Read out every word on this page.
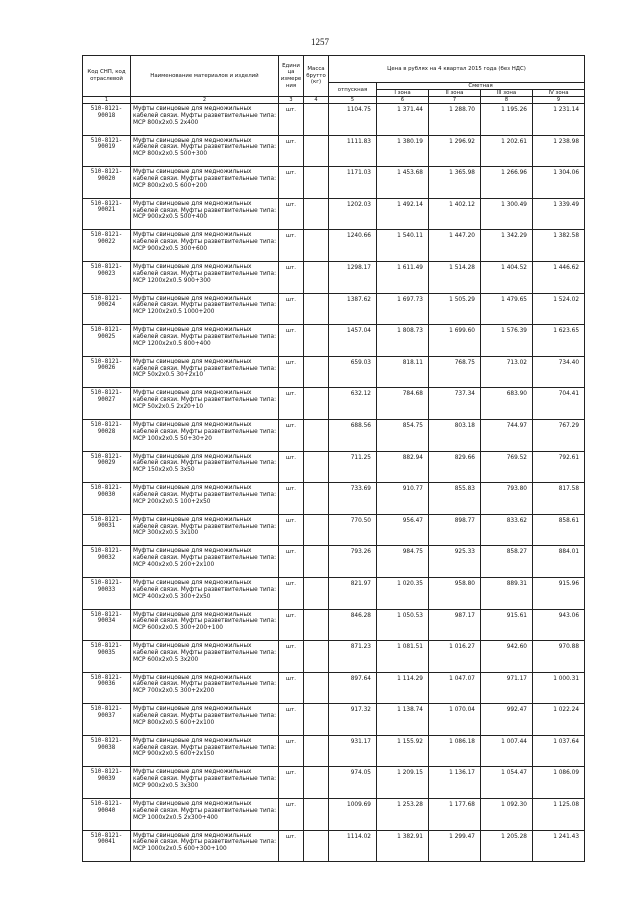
1257
Код СНП, код отраслевой	Наименование материалов и изделий	Едини ца измере ния	Масса брутто (кг)	Цена в рублях на 4 квартал 2015 года (без НДС)				
				отпускная	Сметная			
					I зона	II зона	III зона	IV зона
1	2	3	4	5	6	7	8	9
510-8121-90018	Муфты свинцовые для медножильных кабелей связи. Муфты разветвительные типа: МСР 800х2х0.5 2х400	шт.		1104.75	1 371.44	1 288.70	1 195.26	1 231.14
510-8121-90019	Муфты свинцовые для медножильных кабелей связи. Муфты разветвительные типа: МСР 800х2х0.5 500+300	шт.		1111.83	1 380.19	1 296.92	1 202.61	1 238.98
510-8121-90020	Муфты свинцовые для медножильных кабелей связи. Муфты разветвительные типа: МСР 800х2х0.5 600+200	шт.		1171.03	1 453.68	1 365.98	1 266.96	1 304.06
510-8121-90021	Муфты свинцовые для медножильных кабелей связи. Муфты разветвительные типа: МСР 900х2х0.5 500+400	шт.		1202.03	1 492.14	1 402.12	1 300.49	1 339.49
510-8121-90022	Муфты свинцовые для медножильных кабелей связи. Муфты разветвительные типа: МСР 900х2х0.5 300+600	шт.		1240.66	1 540.11	1 447.20	1 342.29	1 382.58
510-8121-90023	Муфты свинцовые для медножильных кабелей связи. Муфты разветвительные типа: МСР 1200х2х0.5 900+300	шт.		1298.17	1 611.49	1 514.28	1 404.52	1 446.62
510-8121-90024	Муфты свинцовые для медножильных кабелей связи. Муфты разветвительные типа: МСР 1200х2х0.5 1000+200	шт.		1387.62	1 697.73	1 505.29	1 479.65	1 524.02
510-8121-90025	Муфты свинцовые для медножильных кабелей связи. Муфты разветвительные типа: МСР 1200х2х0.5 800+400	шт.		1457.04	1 808.73	1 699.60	1 576.39	1 623.65
510-8121-90026	Муфты свинцовые для медножильных кабелей связи. Муфты разветвительные типа: МСР 50х2х0.5 30+2х10	шт.		659.03	818.11	768.75	713.02	734.40
510-8121-90027	Муфты свинцовые для медножильных кабелей связи. Муфты разветвительные типа: МСР 50х2х0.5 2х20+10	шт.		632.12	784.68	737.34	683.90	704.41
510-8121-90028	Муфты свинцовые для медножильных кабелей связи. Муфты разветвительные типа: МСР 100х2х0.5 50+30+20	шт.		688.56	854.75	803.18	744.97	767.29
510-8121-90029	Муфты свинцовые для медножильных кабелей связи. Муфты разветвительные типа: МСР 150х2х0.5 3х50	шт.		711.25	882.94	829.66	769.52	792.61
510-8121-90030	Муфты свинцовые для медножильных кабелей связи. Муфты разветвительные типа: МСР 200х2х0.5 100+2х50	шт.		733.69	910.77	855.83	793.80	817.58
510-8121-90031	Муфты свинцовые для медножильных кабелей связи. Муфты разветвительные типа: МСР 300х2х0.5 3х100	шт.		770.50	956.47	898.77	833.62	858.61
510-8121-90032	Муфты свинцовые для медножильных кабелей связи. Муфты разветвительные типа: МСР 400х2х0.5 200+2х100	шт.		793.26	984.75	925.33	858.27	884.01
510-8121-90033	Муфты свинцовые для медножильных кабелей связи. Муфты разветвительные типа: МСР 400х2х0.5 300+2х50	шт.		821.97	1 020.35	958.80	889.31	915.96
510-8121-90034	Муфты свинцовые для медножильных кабелей связи. Муфты разветвительные типа: МСР 600х2х0.5 300+200+100	шт.		846.28	1 050.53	987.17	915.61	943.06
510-8121-90035	Муфты свинцовые для медножильных кабелей связи. Муфты разветвительные типа: МСР 600х2х0.5 3х200	шт.		871.23	1 081.51	1 016.27	942.60	970.88
510-8121-90036	Муфты свинцовые для медножильных кабелей связи. Муфты разветвительные типа: МСР 700х2х0.5 300+2х200	шт.		897.64	1 114.29	1 047.07	971.17	1 000.31
510-8121-90037	Муфты свинцовые для медножильных кабелей связи. Муфты разветвительные типа: МСР 800х2х0.5 600+2х100	шт.		917.32	1 138.74	1 070.04	992.47	1 022.24
510-8121-90038	Муфты свинцовые для медножильных кабелей связи. Муфты разветвительные типа: МСР 900х2х0.5 600+2х150	шт.		931.17	1 155.92	1 086.18	1 007.44	1 037.64
510-8121-90039	Муфты свинцовые для медножильных кабелей связи. Муфты разветвительные типа: МСР 900х2х0.5 3х300	шт.		974.05	1 209.15	1 136.17	1 054.47	1 086.09
510-8121-90040	Муфты свинцовые для медножильных кабелей связи. Муфты разветвительные типа: МСР 1000х2х0.5 2х300+400	шт.		1009.69	1 253.28	1 177.68	1 092.30	1 125.08
510-8121-90041	Муфты свинцовые для медножильных кабелей связи. Муфты разветвительные типа: МСР 1000х2х0.5 600+300+100	шт.		1114.02	1 382.91	1 299.47	1 205.28	1 241.43
